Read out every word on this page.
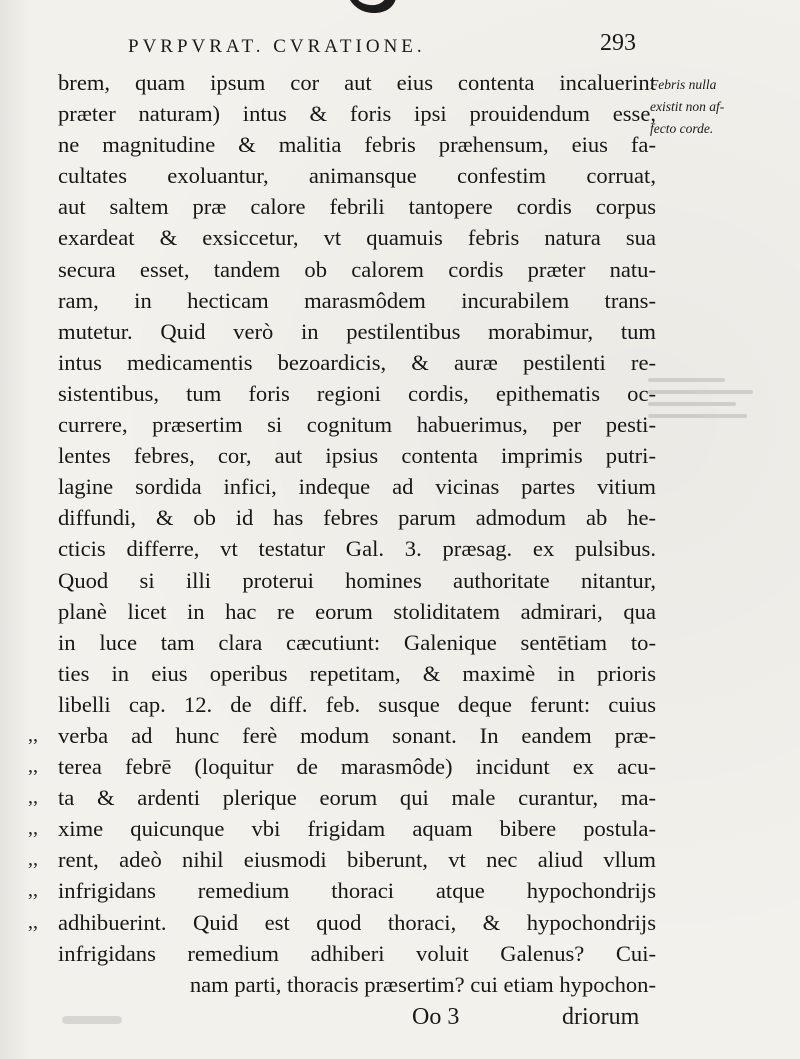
PVRPVRAT. CVRATIONE.	293
brem, quam ipsum cor aut eius contenta incaluerint
præter naturam) intus & foris ipsi prouidendum esse,
ne magnitudine & malitia febris præhensum, eius fa-
cultates exoluantur, animansque confestim corruat,
aut saltem præ calore febrili tantopere cordis corpus
exardeat & exsiccetur, vt quamuis febris natura sua
secura esset, tandem ob calorem cordis præter natu-
ram, in hecticam marasmôdem incurabilem trans-
mutetur. Quid verò in pestilentibus morabimur, tum
intus medicamentis bezoardicis, & auræ pestilenti re-
sistentibus, tum foris regioni cordis, epithematis oc-
currere, præsertim si cognitum habuerimus, per pesti-
lentes febres, cor, aut ipsius contenta imprimis putri-
lagine sordida infici, indeque ad vicinas partes vitium
diffundi, & ob id has febres parum admodum ab he-
cticis differre, vt testatur Gal. 3. præsag. ex pulsibus.
Quod si illi proterui homines authoritate nitantur,
planè licet in hac re eorum stoliditatem admirari, qua
in luce tam clara cæcutiunt: Galenique sentētiam to-
ties in eius operibus repetitam, & maximè in prioris
libelli cap. 12. de diff. feb. susque deque ferunt: cuius
,, verba ad hunc ferè modum sonant. In eandem præ-
,, terea febrē (loquitur de marasmôde) incidunt ex acu-
,, ta & ardenti plerique eorum qui male curantur, ma-
,, xime quicunque vbi frigidam aquam bibere postula-
,, rent, adeò nihil eiusmodi biberunt, vt nec aliud vllum
,, infrigidans remedium thoraci atque hypochondrijs
,, adhibuerint. Quid est quod thoraci, & hypochondrijs
infrigidans remedium adhiberi voluit Galenus? Cui-
nam parti, thoracis præsertim? cui etiam hypochon-
Febris nulla
existit non af-
fecto corde.
Oo 3	driorum
